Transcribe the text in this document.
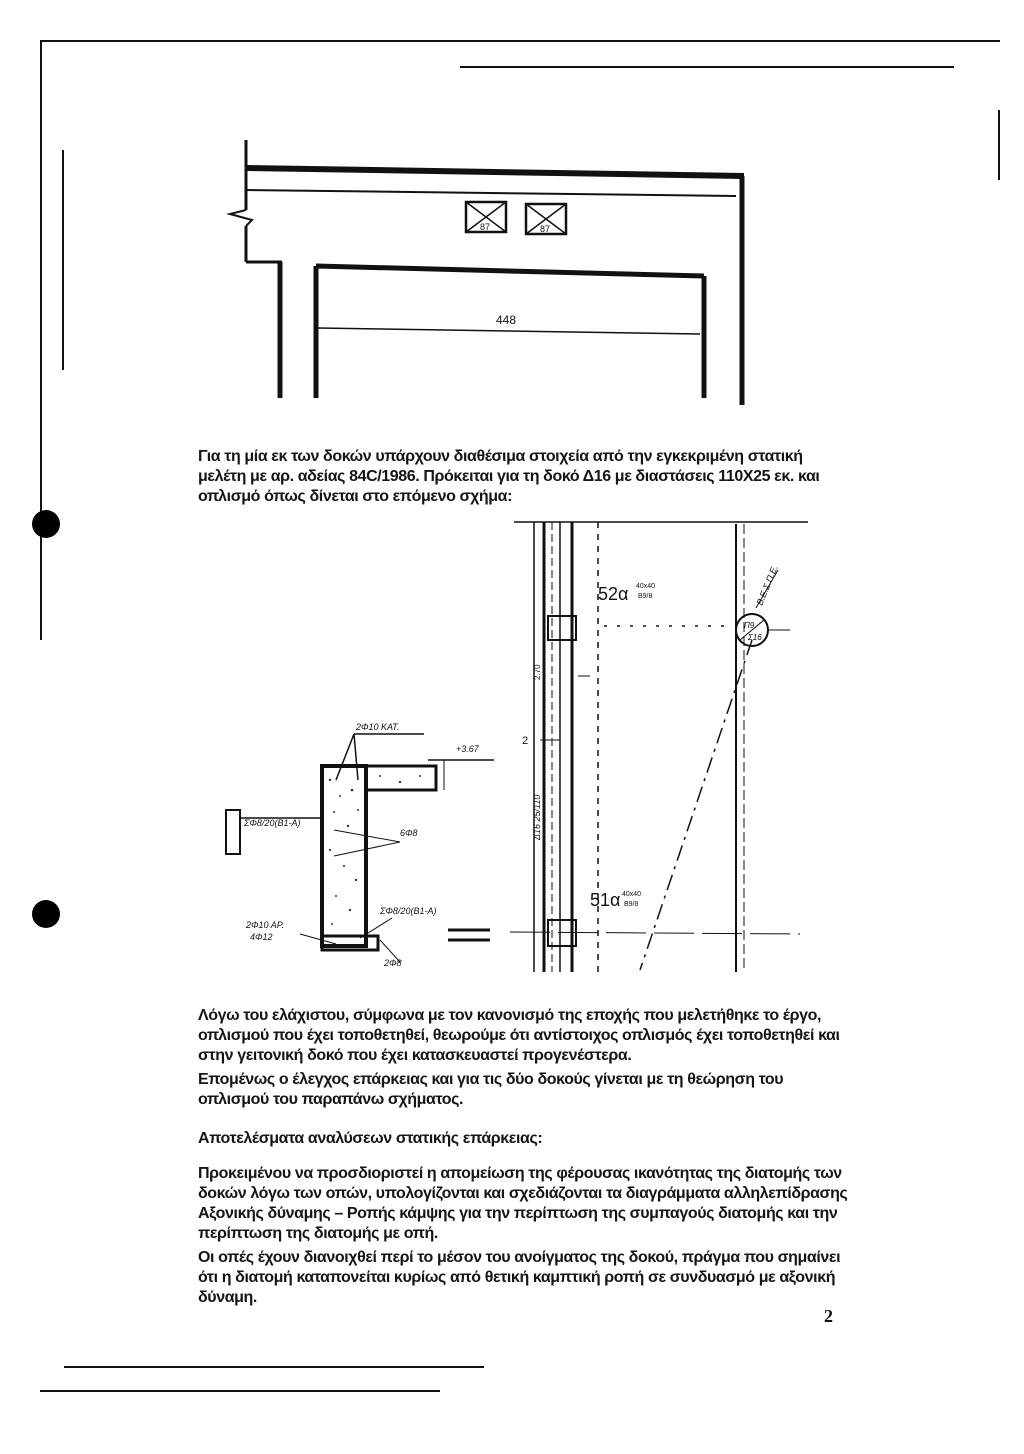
87	87
448
2Φ10 ΚΑΤ.
+3.67
ΣΦ8/20(Β1-Α)
6Φ8
ΣΦ8/20(Β1-Α)
2Φ10 ΑΡ.
4Φ12
2Φ8
52α 40x40
Β9/8
51α 40x40
Β9/8
Δ16 25/110
2.70
2
Π9
Σ16
Β.Ε.Σ.Π.Ε.

Για τη μία εκ των δοκών υπάρχουν διαθέσιμα στοιχεία από την εγκεκριμένη στατική μελέτη με αρ. αδείας 84C/1986. Πρόκειται για τη δοκό Δ16 με διαστάσεις 110Χ25 εκ. και οπλισμό όπως δίνεται στο επόμενο σχήμα:

Λόγω του ελάχιστου, σύμφωνα με τον κανονισμό της εποχής που μελετήθηκε το έργο, οπλισμού που έχει τοποθετηθεί, θεωρούμε ότι αντίστοιχος οπλισμός έχει τοποθετηθεί και στην γειτονική δοκό που έχει κατασκευαστεί προγενέστερα.

Επομένως ο έλεγχος επάρκειας και για τις δύο δοκούς γίνεται με τη θεώρηση του οπλισμού του παραπάνω σχήματος.

Αποτελέσματα αναλύσεων στατικής επάρκειας:

Προκειμένου να προσδιοριστεί η απομείωση της φέρουσας ικανότητας της διατομής των δοκών λόγω των οπών, υπολογίζονται και σχεδιάζονται τα διαγράμματα αλληλεπίδρασης Αξονικής δύναμης – Ροπής κάμψης για την περίπτωση της συμπαγούς διατομής και την περίπτωση της διατομής με οπή.

Οι οπές έχουν διανοιχθεί περί το μέσον του ανοίγματος της δοκού, πράγμα που σημαίνει ότι η διατομή καταπονείται κυρίως από θετική καμπτική ροπή σε συνδυασμό με αξονική δύναμη.

2
